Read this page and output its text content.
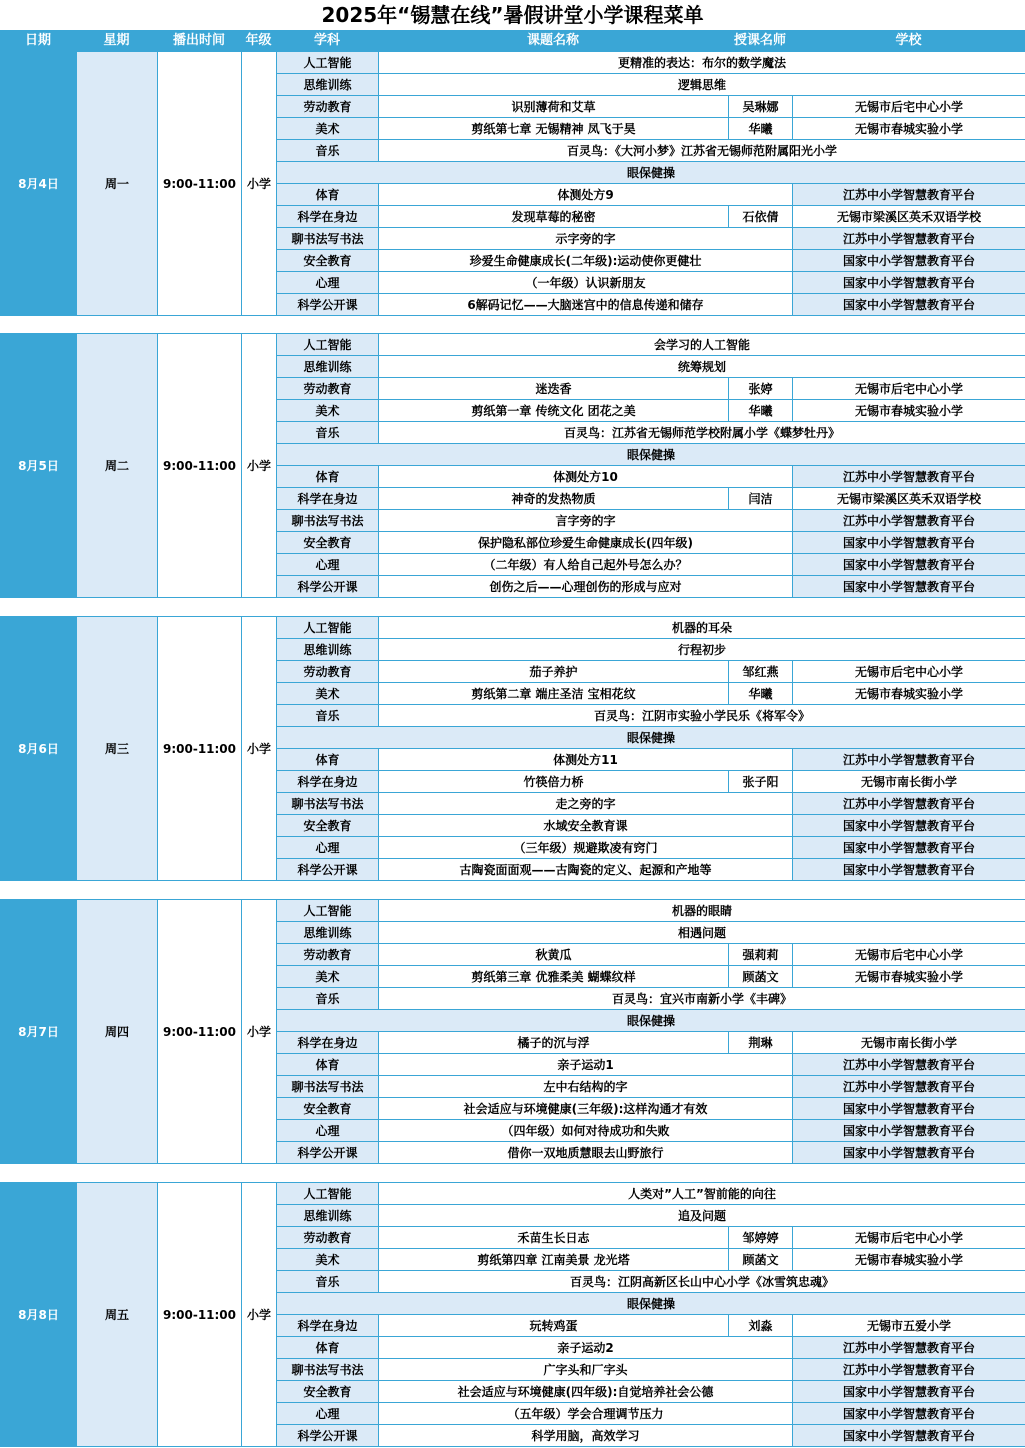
2025年“锡慧在线”暑假讲堂小学课程菜单
日期	星期	播出时间	年级	学科	课题名称	授课名师	学校
8月4日	周一	9:00-11:00	小学	人工智能	更精准的表达：布尔的数学魔法		
				思维训练	逻辑思维		
				劳动教育	识别薄荷和艾草	吴琳娜	无锡市后宅中心小学
				美术	剪纸第七章 无锡精神 凤飞于昊	华曦	无锡市春城实验小学
				音乐	百灵鸟：《大河小梦》江苏省无锡师范附属阳光小学		
				眼保健操			
				体育	体测处方9		江苏中小学智慧教育平台
				科学在身边	发现草莓的秘密	石依倩	无锡市梁溪区英禾双语学校
				聊书法写书法	示字旁的字		江苏中小学智慧教育平台
				安全教育	珍爱生命健康成长(二年级):运动使你更健壮		国家中小学智慧教育平台
				心理	（一年级）认识新朋友		国家中小学智慧教育平台
				科学公开课	6解码记忆——大脑迷宫中的信息传递和储存		国家中小学智慧教育平台
8月5日	周二	9:00-11:00	小学	人工智能	会学习的人工智能		
				思维训练	统筹规划		
				劳动教育	迷迭香	张婷	无锡市后宅中心小学
				美术	剪纸第一章 传统文化 团花之美	华曦	无锡市春城实验小学
				音乐	百灵鸟：江苏省无锡师范学校附属小学《蝶梦牡丹》		
				眼保健操			
				体育	体测处方10		江苏中小学智慧教育平台
				科学在身边	神奇的发热物质	闫洁	无锡市梁溪区英禾双语学校
				聊书法写书法	言字旁的字		江苏中小学智慧教育平台
				安全教育	保护隐私部位珍爱生命健康成长(四年级)		国家中小学智慧教育平台
				心理	（二年级）有人给自己起外号怎么办？		国家中小学智慧教育平台
				科学公开课	创伤之后——心理创伤的形成与应对		国家中小学智慧教育平台
8月6日	周三	9:00-11:00	小学	人工智能	机器的耳朵		
				思维训练	行程初步		
				劳动教育	茄子养护	邹红燕	无锡市后宅中心小学
				美术	剪纸第二章 端庄圣洁 宝相花纹	华曦	无锡市春城实验小学
				音乐	百灵鸟：江阴市实验小学民乐《将军令》		
				眼保健操			
				体育	体测处方11		江苏中小学智慧教育平台
				科学在身边	竹筷倍力桥	张子阳	无锡市南长街小学
				聊书法写书法	走之旁的字		江苏中小学智慧教育平台
				安全教育	水域安全教育课		国家中小学智慧教育平台
				心理	（三年级）规避欺凌有窍门		国家中小学智慧教育平台
				科学公开课	古陶瓷面面观——古陶瓷的定义、起源和产地等		国家中小学智慧教育平台
8月7日	周四	9:00-11:00	小学	人工智能	机器的眼睛		
				思维训练	相遇问题		
				劳动教育	秋黄瓜	强莉莉	无锡市后宅中心小学
				美术	剪纸第三章 优雅柔美 蝴蝶纹样	顾菡文	无锡市春城实验小学
				音乐	百灵鸟：宜兴市南新小学《丰碑》		
				眼保健操			
				科学在身边	橘子的沉与浮	荆琳	无锡市南长街小学
				体育	亲子运动1		江苏中小学智慧教育平台
				聊书法写书法	左中右结构的字		江苏中小学智慧教育平台
				安全教育	社会适应与环境健康(三年级):这样沟通才有效		国家中小学智慧教育平台
				心理	（四年级）如何对待成功和失败		国家中小学智慧教育平台
				科学公开课	借你一双地质慧眼去山野旅行		国家中小学智慧教育平台
8月8日	周五	9:00-11:00	小学	人工智能	人类对”人工”智前能的向往		
				思维训练	追及问题		
				劳动教育	禾苗生长日志	邹婷婷	无锡市后宅中心小学
				美术	剪纸第四章 江南美景 龙光塔	顾菡文	无锡市春城实验小学
				音乐	百灵鸟：江阴高新区长山中心小学《冰雪筑忠魂》		
				眼保健操			
				科学在身边	玩转鸡蛋	刘淼	无锡市五爱小学
				体育	亲子运动2		江苏中小学智慧教育平台
				聊书法写书法	广字头和厂字头		江苏中小学智慧教育平台
				安全教育	社会适应与环境健康(四年级):自觉培养社会公德		国家中小学智慧教育平台
				心理	（五年级）学会合理调节压力		国家中小学智慧教育平台
				科学公开课	科学用脑，高效学习		国家中小学智慧教育平台
